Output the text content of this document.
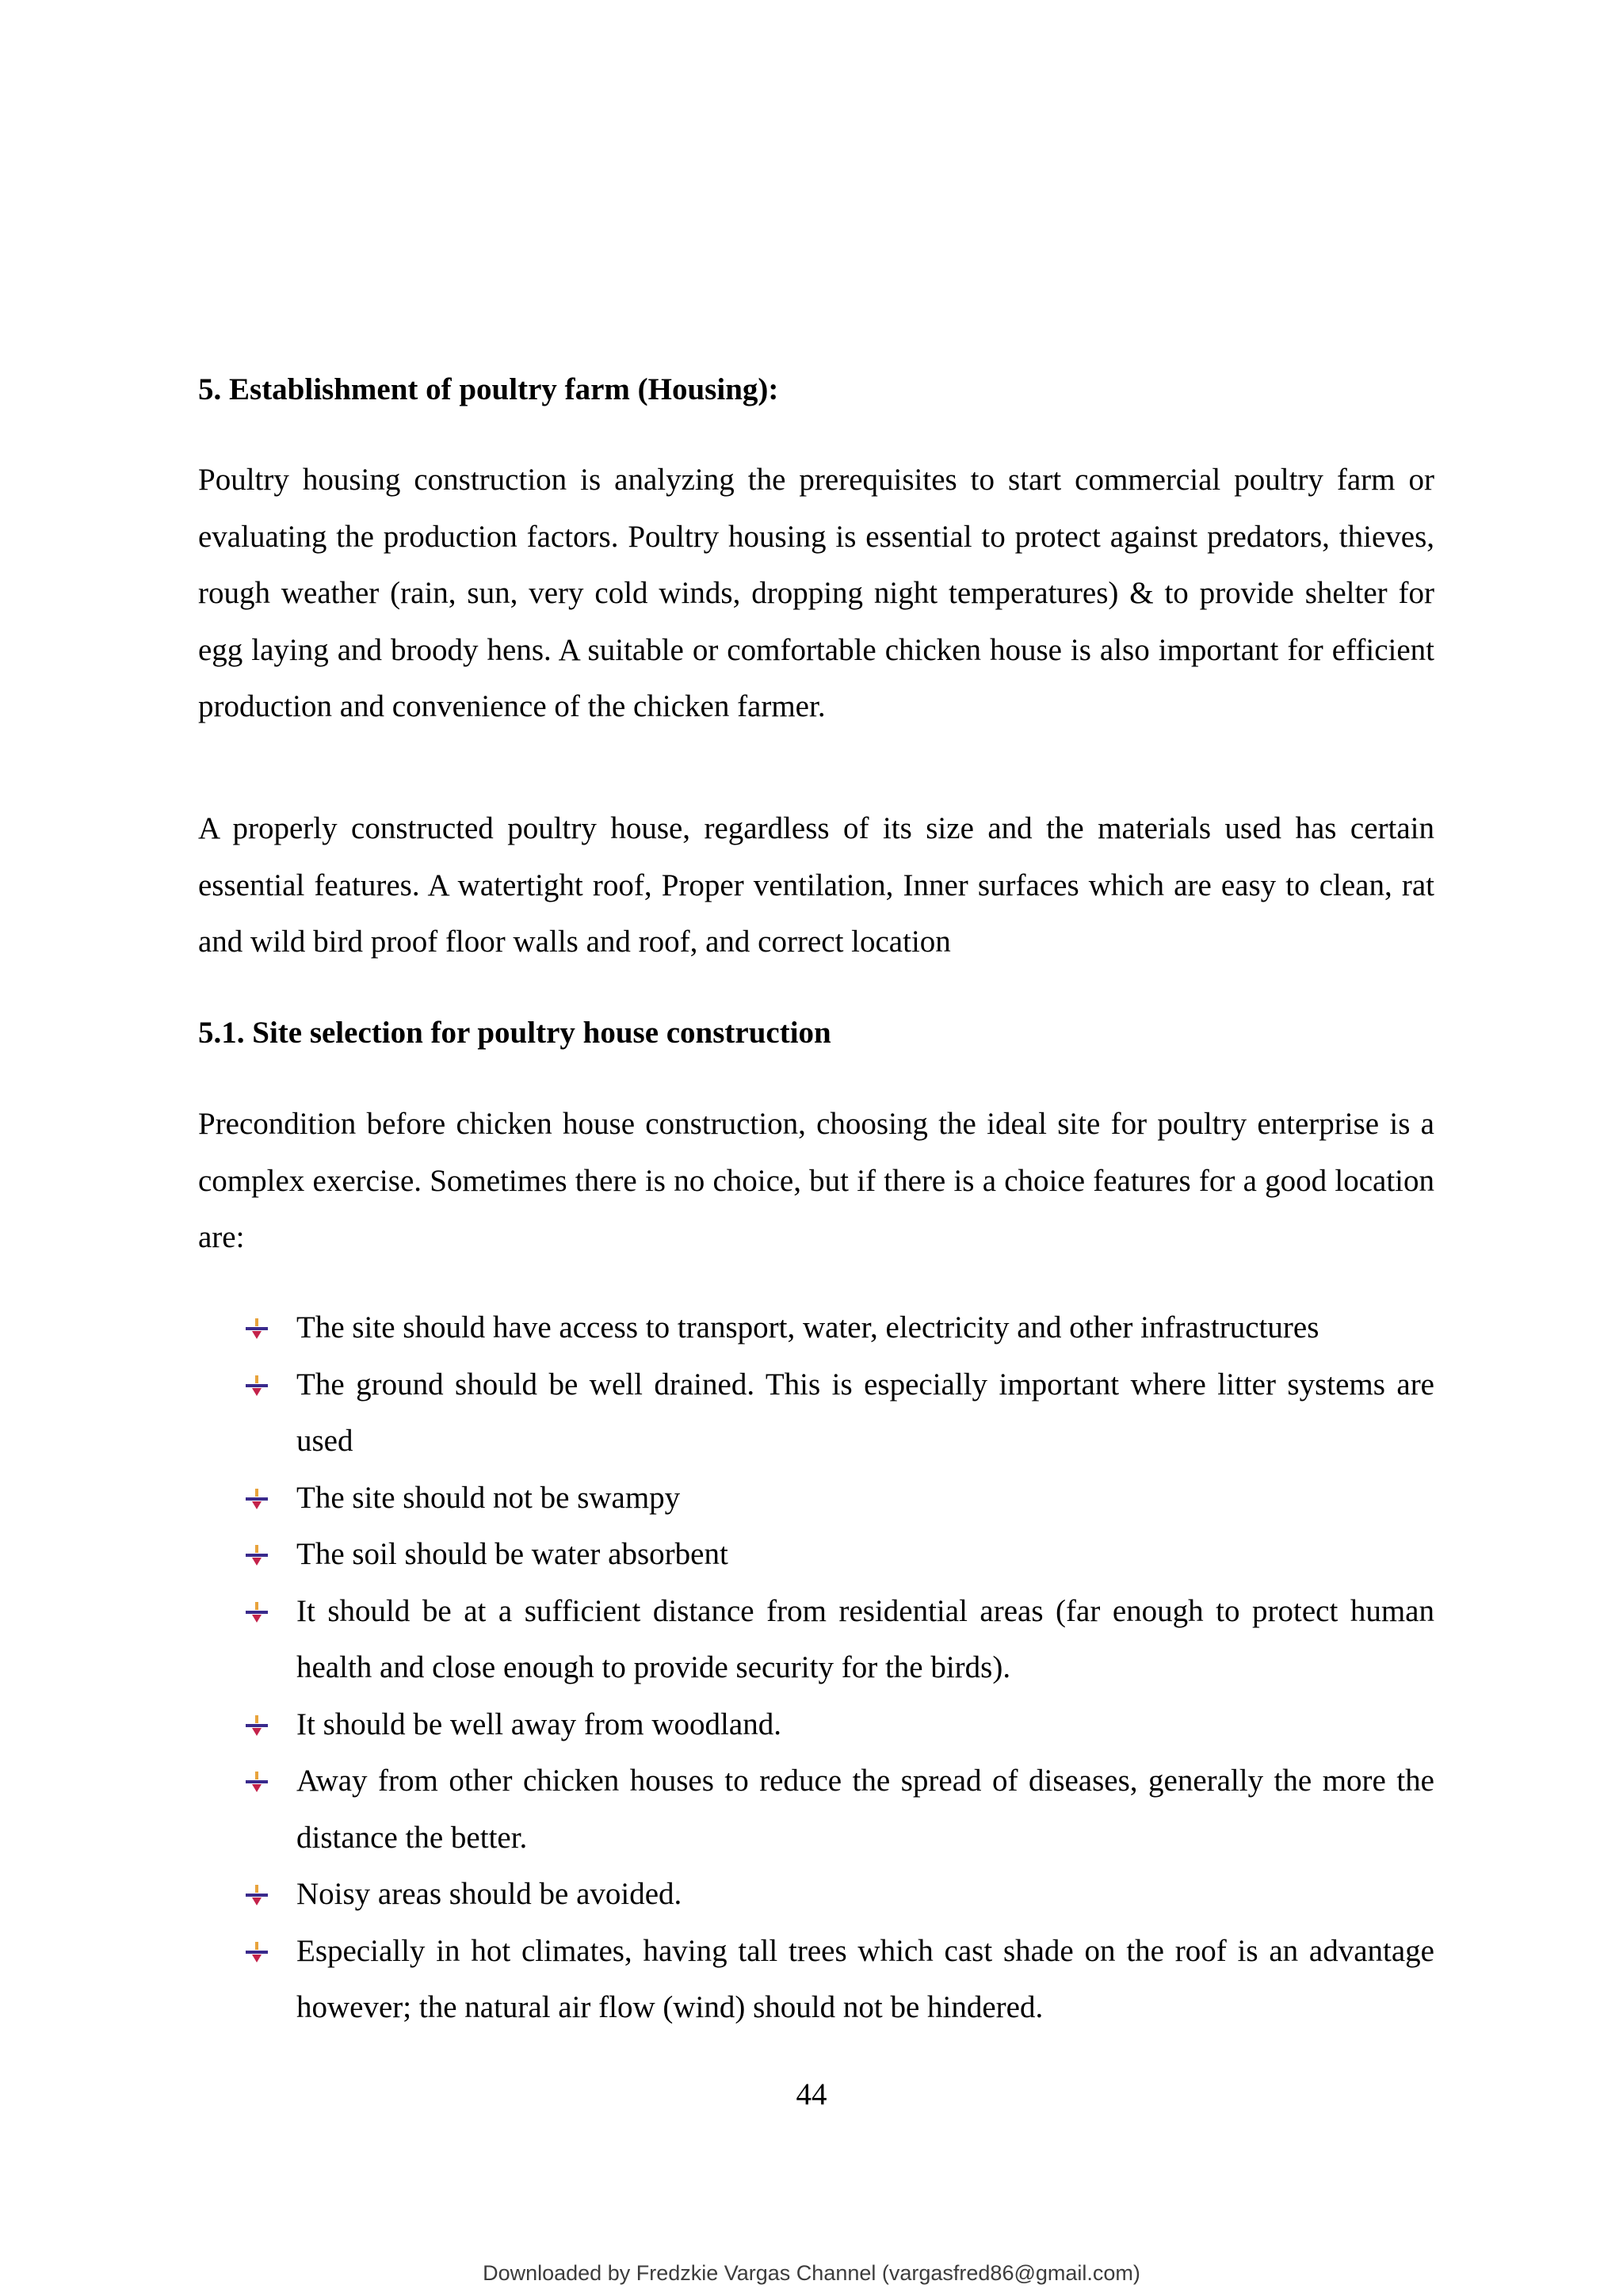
5. Establishment of poultry farm (Housing):

Poultry housing construction is analyzing the prerequisites to start commercial poultry farm or evaluating the production factors. Poultry housing is essential to protect against predators, thieves, rough weather (rain, sun, very cold winds, dropping night temperatures) & to provide shelter for egg laying and broody hens. A suitable or comfortable chicken house is also important for efficient production and convenience of the chicken farmer.

A properly constructed poultry house, regardless of its size and the materials used has certain essential features. A watertight roof, Proper ventilation, Inner surfaces which are easy to clean, rat and wild bird proof floor walls and roof, and correct location

5.1. Site selection for poultry house construction

Precondition before chicken house construction, choosing the ideal site for poultry enterprise is a complex exercise. Sometimes there is no choice, but if there is a choice features for a good location are:

The site should have access to transport, water, electricity and other infrastructures
The ground should be well drained. This is especially important where litter systems are used
The site should not be swampy
The soil should be water absorbent
It should be at a sufficient distance from residential areas (far enough to protect human health and close enough to provide security for the birds).
It should be well away from woodland.
Away from other chicken houses to reduce the spread of diseases, generally the more the distance the better.
Noisy areas should be avoided.
Especially in hot climates, having tall trees which cast shade on the roof is an advantage however; the natural air flow (wind) should not be hindered.
44
Downloaded by Fredzkie Vargas Channel (vargasfred86@gmail.com)
